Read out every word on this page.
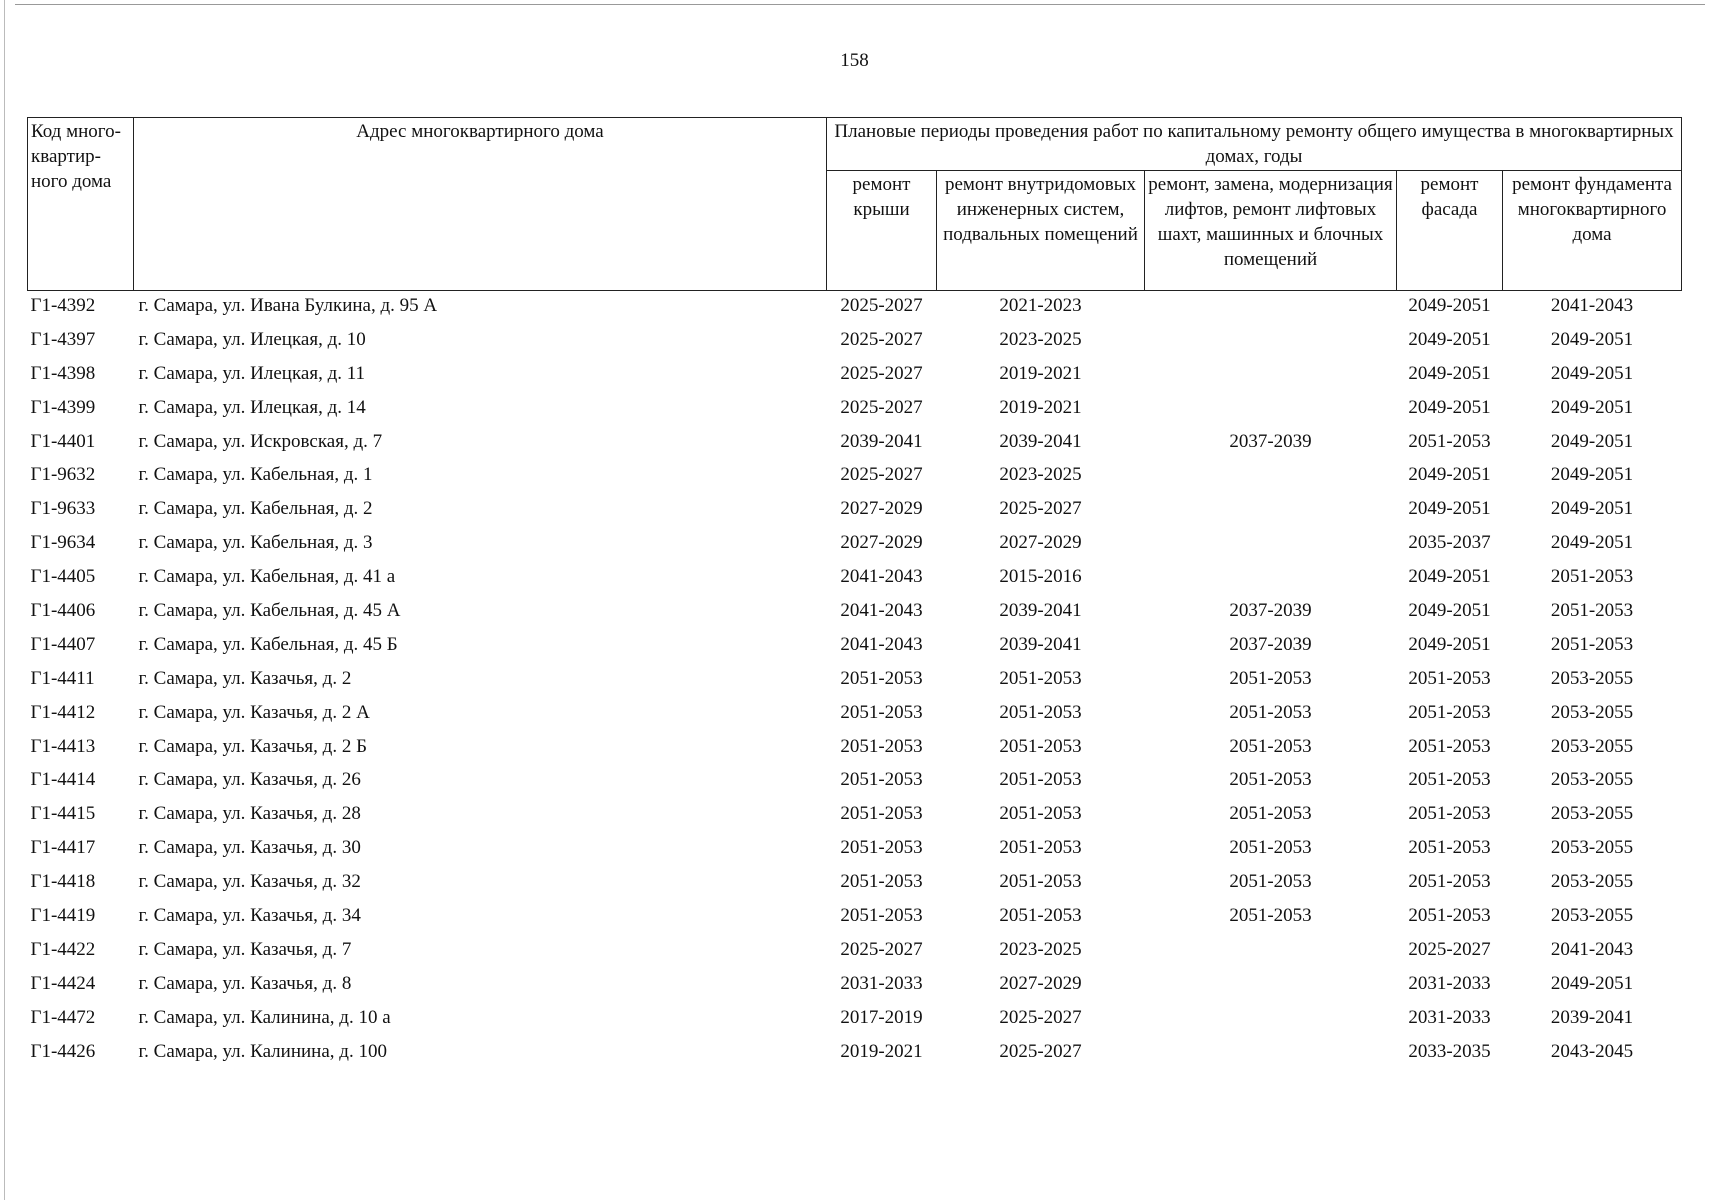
158
Код много-квартир-ного дома	Адрес многоквартирного дома	Плановые периоды проведения работ по капитальному ремонту общего имущества в многоквартирных домах, годы				
		ремонт крыши	ремонт внутридомовых инженерных систем, подвальных помещений	ремонт, замена, модернизация лифтов, ремонт лифтовых шахт, машинных и блочных помещений	ремонт фасада	ремонт фундамента многоквартирного дома
Г1-4392	г. Самара, ул. Ивана Булкина, д. 95 А	2025-2027	2021-2023		2049-2051	2041-2043
Г1-4397	г. Самара, ул. Илецкая, д. 10	2025-2027	2023-2025		2049-2051	2049-2051
Г1-4398	г. Самара, ул. Илецкая, д. 11	2025-2027	2019-2021		2049-2051	2049-2051
Г1-4399	г. Самара, ул. Илецкая, д. 14	2025-2027	2019-2021		2049-2051	2049-2051
Г1-4401	г. Самара, ул. Искровская, д. 7	2039-2041	2039-2041	2037-2039	2051-2053	2049-2051
Г1-9632	г. Самара, ул. Кабельная, д. 1	2025-2027	2023-2025		2049-2051	2049-2051
Г1-9633	г. Самара, ул. Кабельная, д. 2	2027-2029	2025-2027		2049-2051	2049-2051
Г1-9634	г. Самара, ул. Кабельная, д. 3	2027-2029	2027-2029		2035-2037	2049-2051
Г1-4405	г. Самара, ул. Кабельная, д. 41 а	2041-2043	2015-2016		2049-2051	2051-2053
Г1-4406	г. Самара, ул. Кабельная, д. 45 А	2041-2043	2039-2041	2037-2039	2049-2051	2051-2053
Г1-4407	г. Самара, ул. Кабельная, д. 45 Б	2041-2043	2039-2041	2037-2039	2049-2051	2051-2053
Г1-4411	г. Самара, ул. Казачья, д. 2	2051-2053	2051-2053	2051-2053	2051-2053	2053-2055
Г1-4412	г. Самара, ул. Казачья, д. 2 А	2051-2053	2051-2053	2051-2053	2051-2053	2053-2055
Г1-4413	г. Самара, ул. Казачья, д. 2 Б	2051-2053	2051-2053	2051-2053	2051-2053	2053-2055
Г1-4414	г. Самара, ул. Казачья, д. 26	2051-2053	2051-2053	2051-2053	2051-2053	2053-2055
Г1-4415	г. Самара, ул. Казачья, д. 28	2051-2053	2051-2053	2051-2053	2051-2053	2053-2055
Г1-4417	г. Самара, ул. Казачья, д. 30	2051-2053	2051-2053	2051-2053	2051-2053	2053-2055
Г1-4418	г. Самара, ул. Казачья, д. 32	2051-2053	2051-2053	2051-2053	2051-2053	2053-2055
Г1-4419	г. Самара, ул. Казачья, д. 34	2051-2053	2051-2053	2051-2053	2051-2053	2053-2055
Г1-4422	г. Самара, ул. Казачья, д. 7	2025-2027	2023-2025		2025-2027	2041-2043
Г1-4424	г. Самара, ул. Казачья, д. 8	2031-2033	2027-2029		2031-2033	2049-2051
Г1-4472	г. Самара, ул. Калинина, д. 10 а	2017-2019	2025-2027		2031-2033	2039-2041
Г1-4426	г. Самара, ул. Калинина, д. 100	2019-2021	2025-2027		2033-2035	2043-2045
